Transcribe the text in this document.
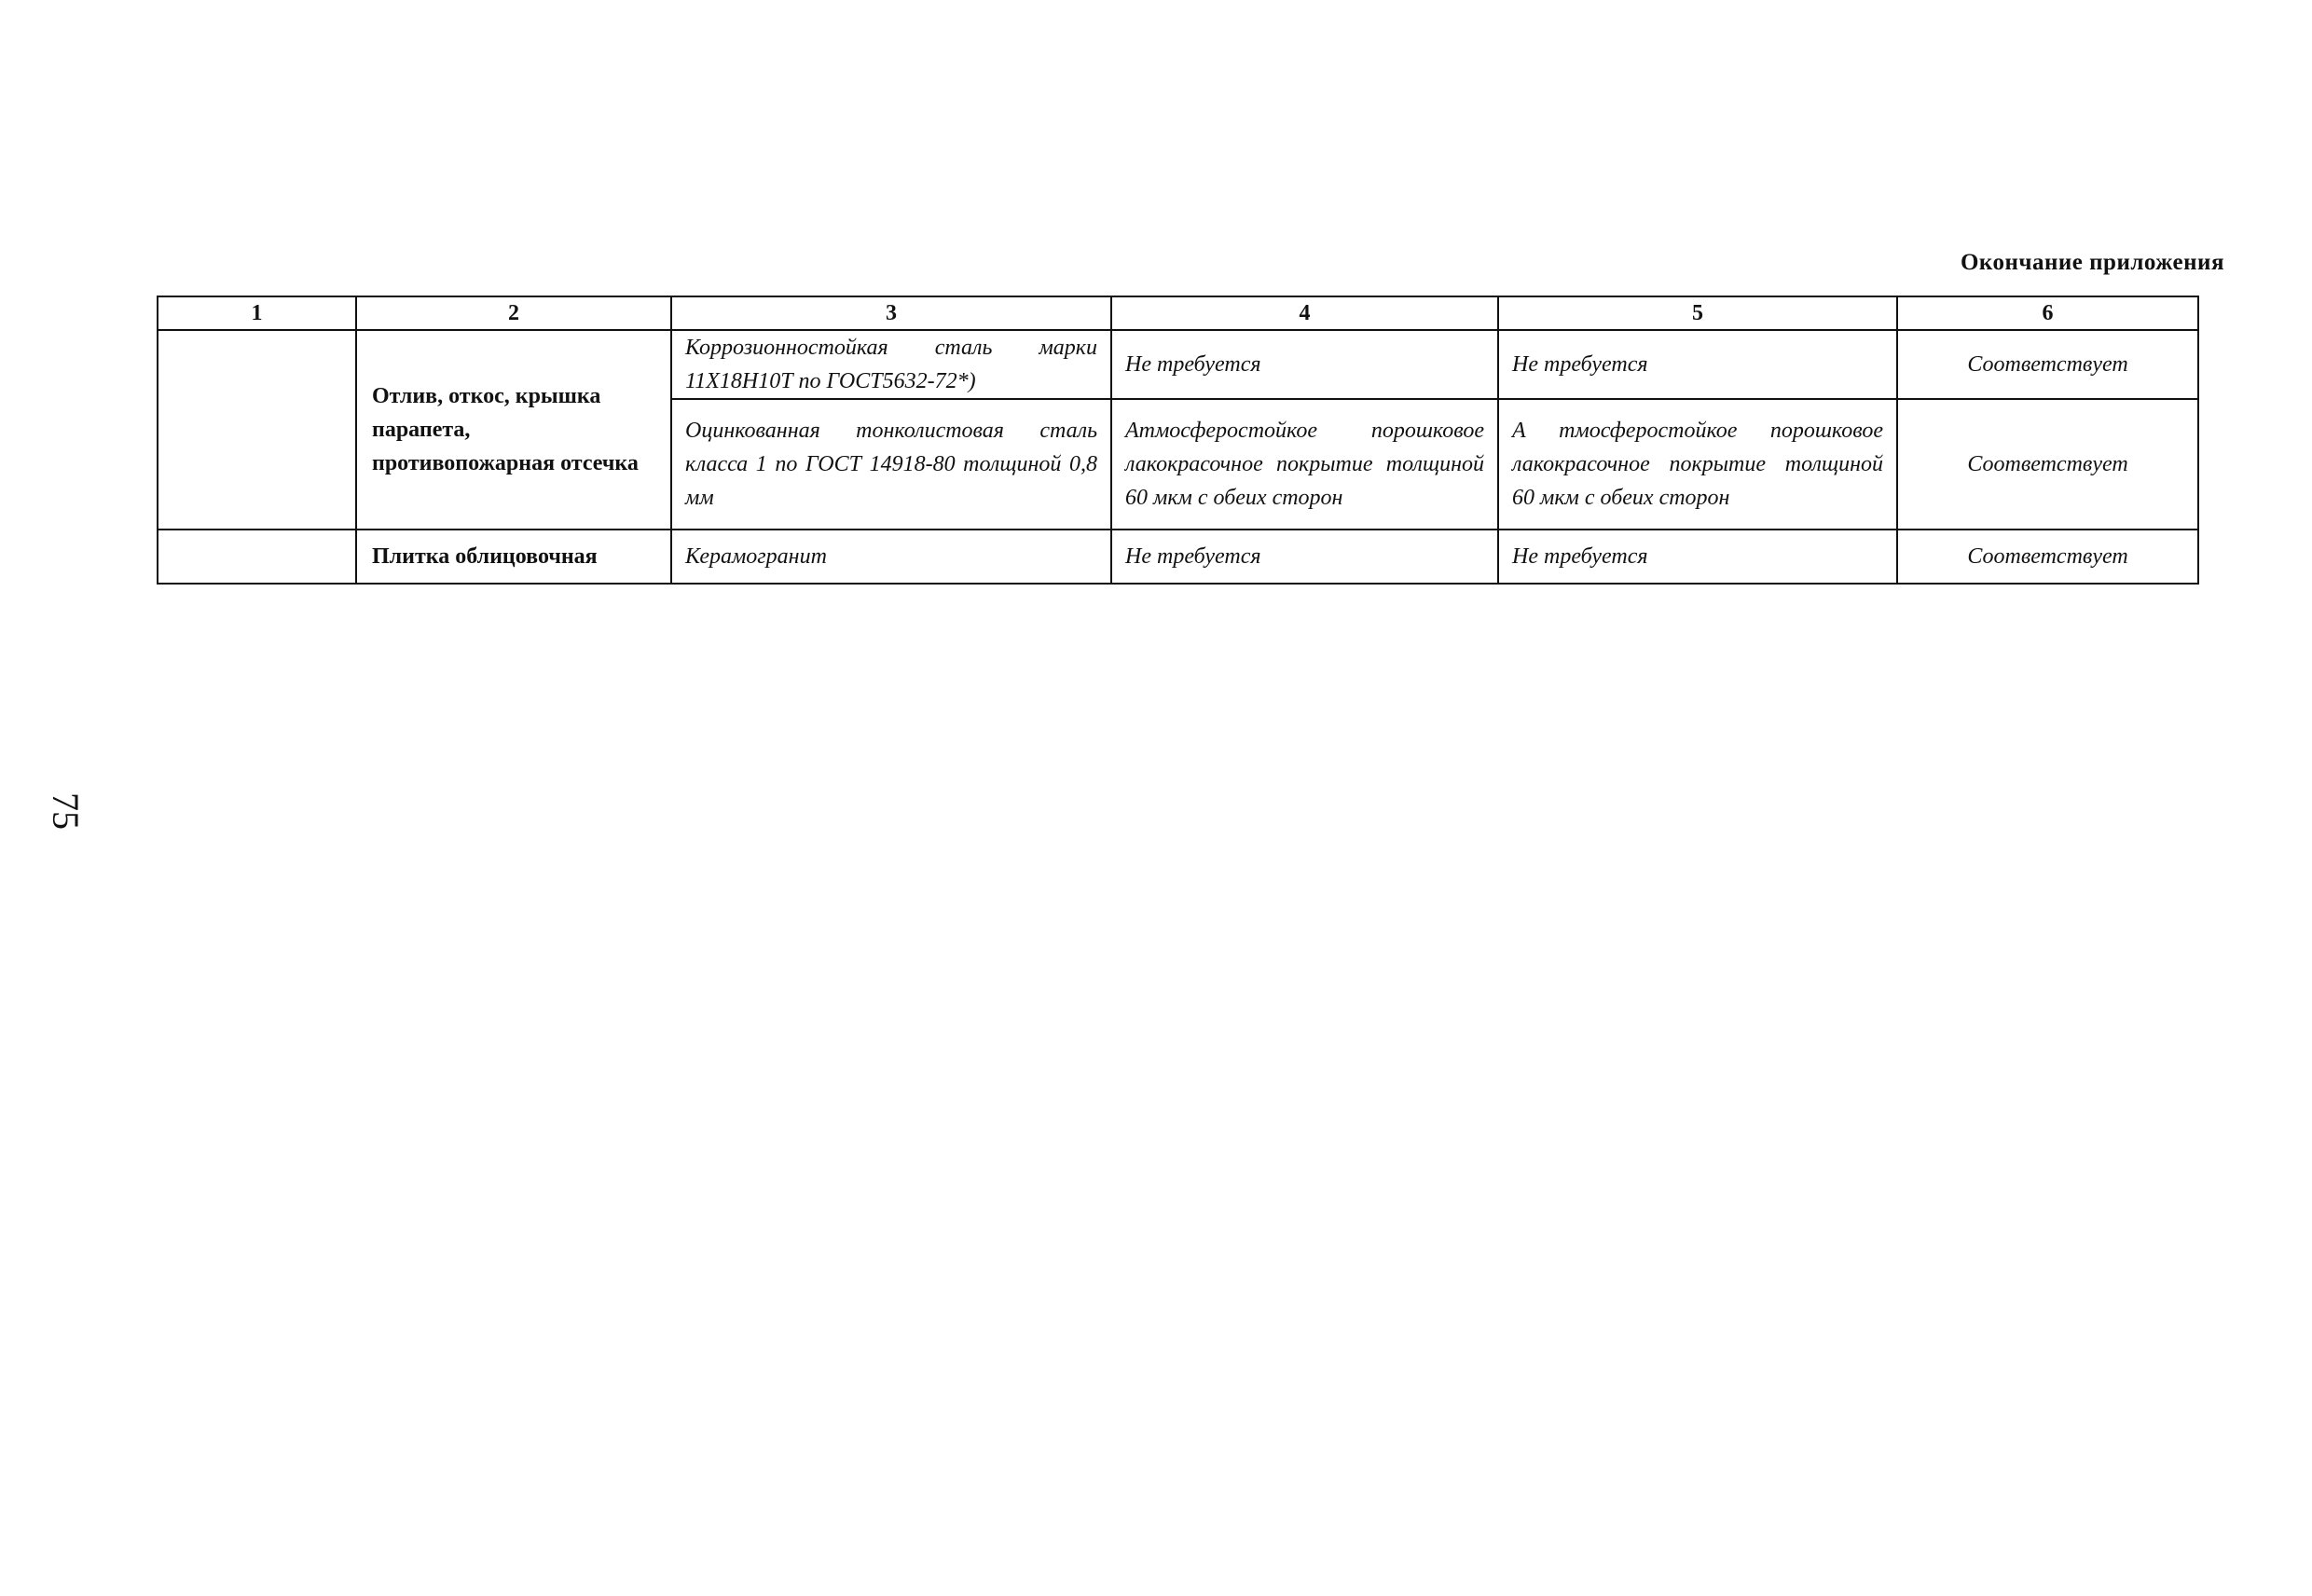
Окончание приложения
1	2	3	4	5	6
	Отлив, откос, крышка парапета, противопожарная отсечка	Коррозионностойкая сталь марки 11Х18Н10Т по ГОСТ5632-72*)	Не требуется	Не требуется	Соответствует
		Оцинкованная тонколистовая сталь класса 1 по ГОСТ 14918-80 толщиной 0,8 мм	Атмосферостойкое порошковое лакокрасочное покрытие толщиной 60 мкм с обеих сторон	А тмосферостойкое порошковое лакокрасочное покрытие толщиной 60 мкм с обеих сторон	Соответствует
	Плитка облицовочная	Керамогранит	Не требуется	Не требуется	Соответствует
75
